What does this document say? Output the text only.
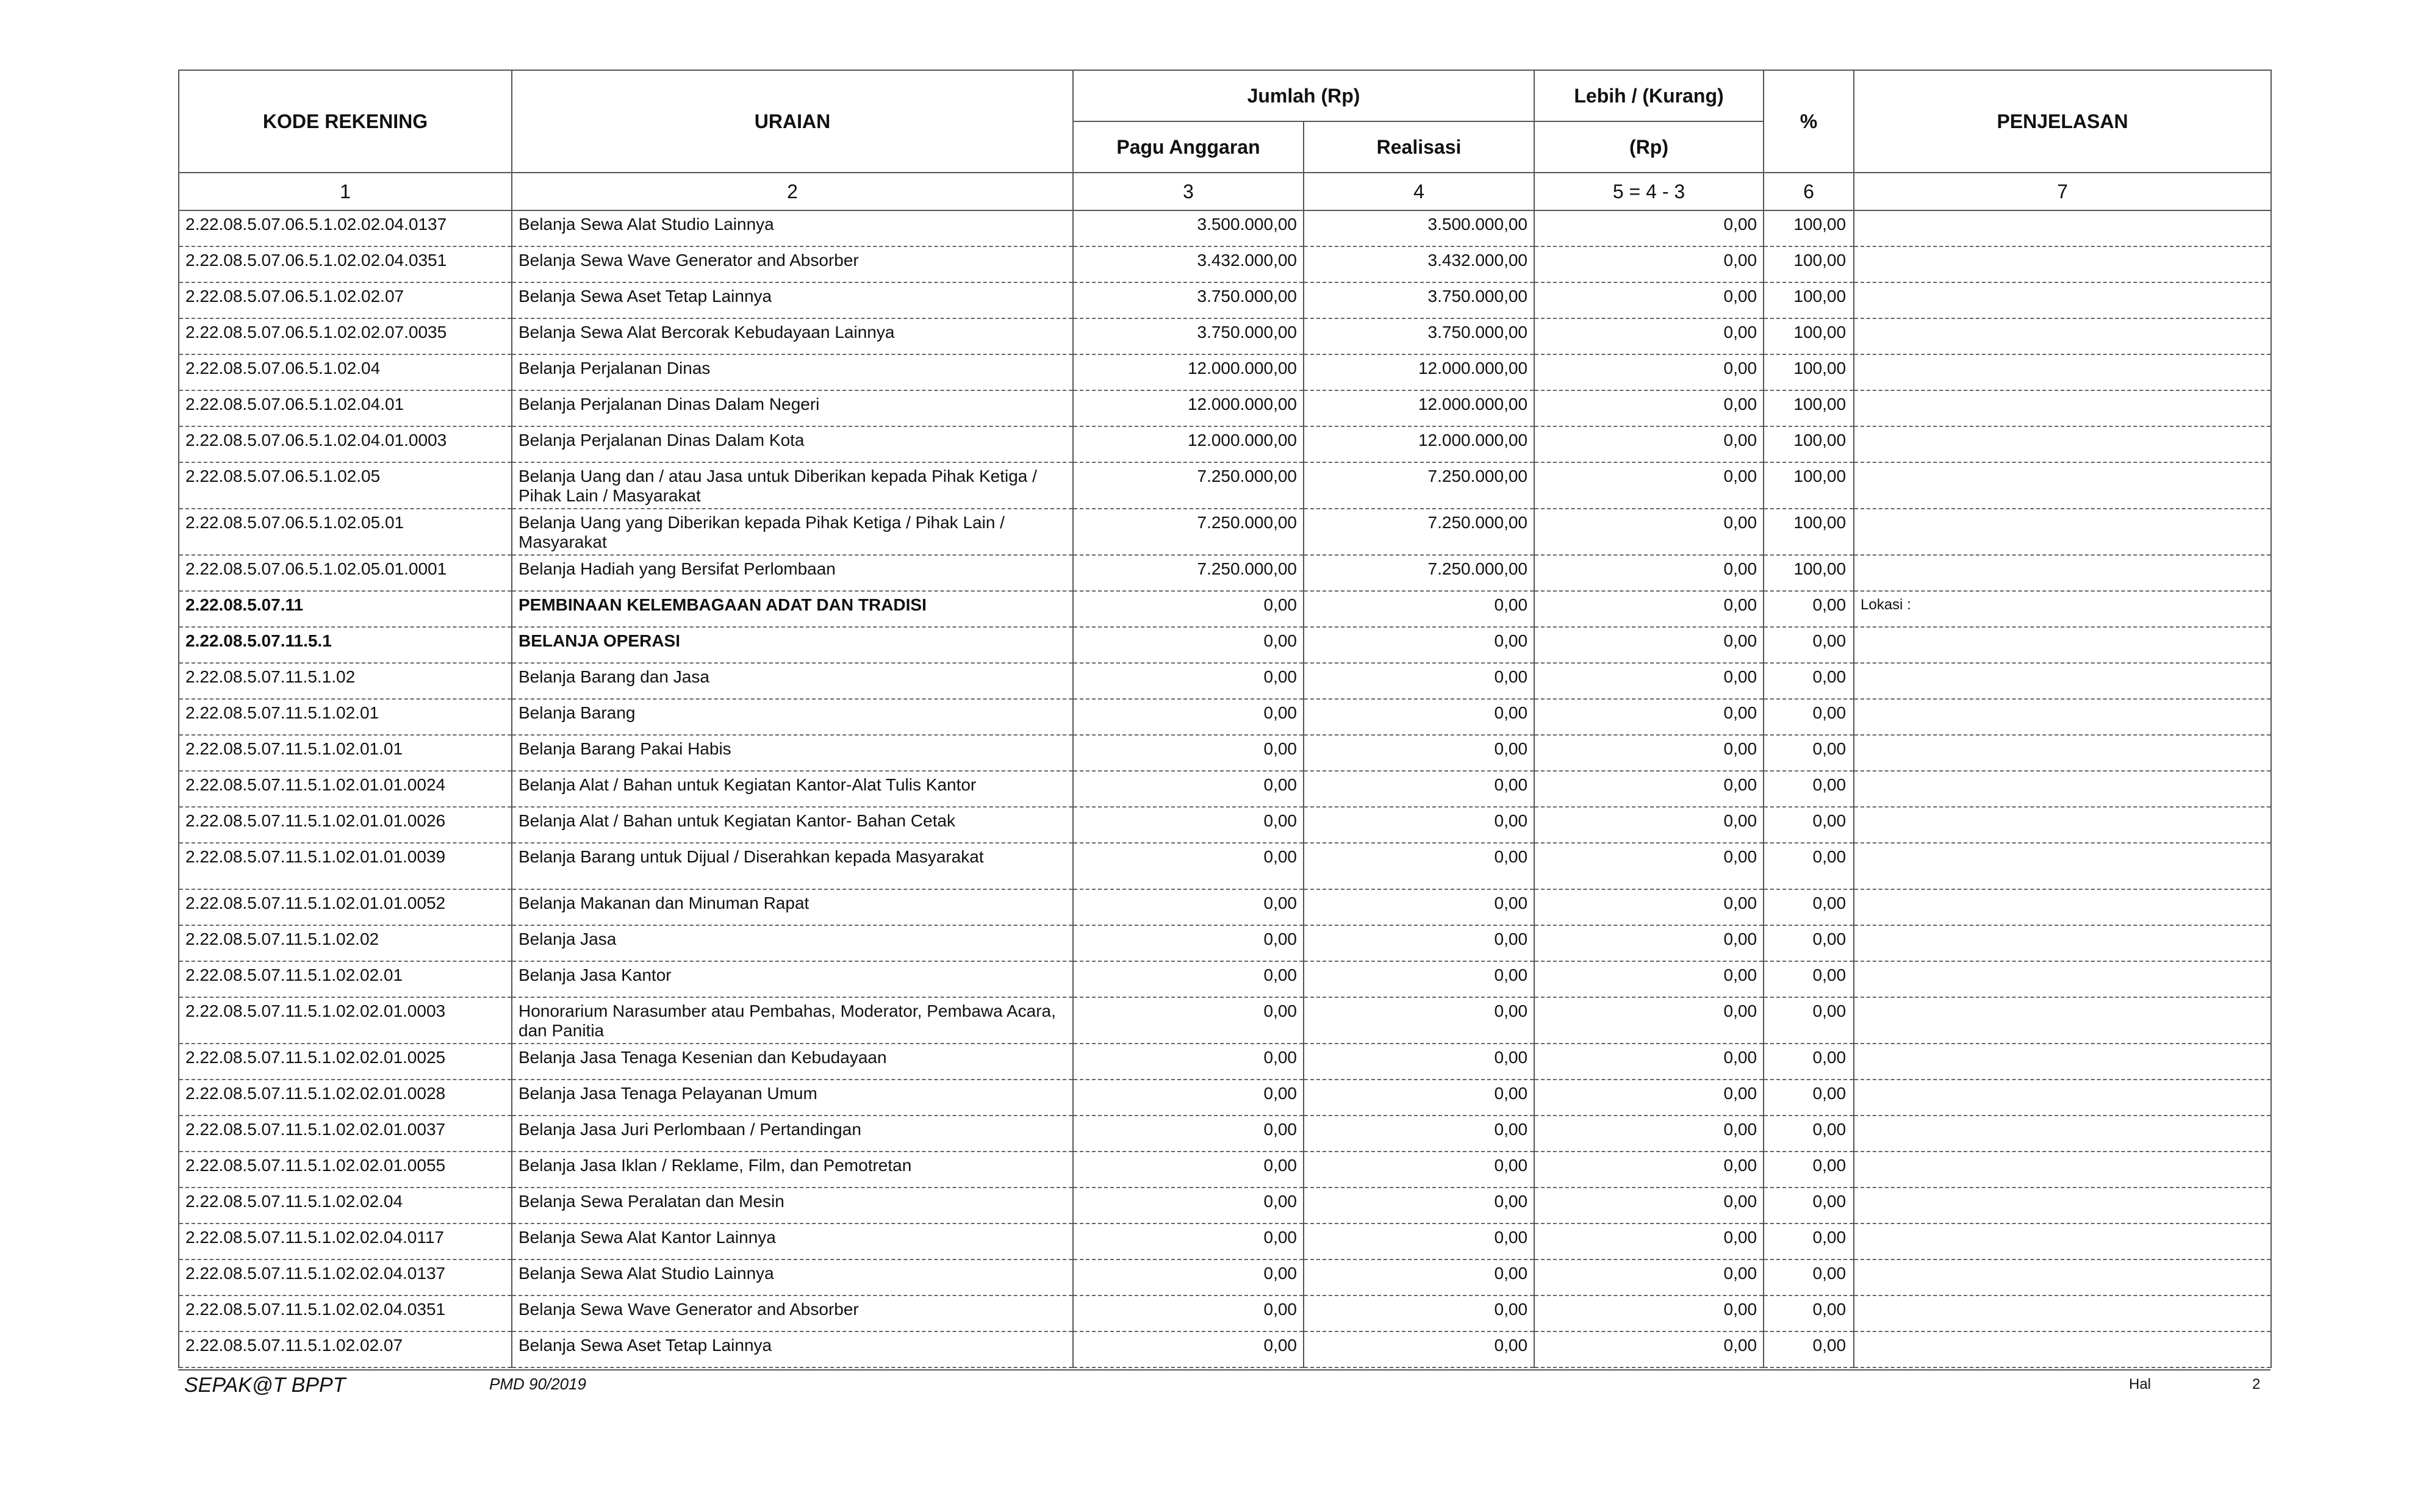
KODE REKENING	URAIAN	Jumlah (Rp)		Lebih / (Kurang)	%	PENJELASAN
		Pagu Anggaran	Realisasi	(Rp)		
1	2	3	4	5 = 4 - 3	6	7
2.22.08.5.07.06.5.1.02.02.04.0137	Belanja Sewa Alat Studio Lainnya	3.500.000,00	3.500.000,00	0,00	100,00	
2.22.08.5.07.06.5.1.02.02.04.0351	Belanja Sewa Wave Generator and Absorber	3.432.000,00	3.432.000,00	0,00	100,00	
2.22.08.5.07.06.5.1.02.02.07	Belanja Sewa Aset Tetap Lainnya	3.750.000,00	3.750.000,00	0,00	100,00	
2.22.08.5.07.06.5.1.02.02.07.0035	Belanja Sewa Alat Bercorak Kebudayaan Lainnya	3.750.000,00	3.750.000,00	0,00	100,00	
2.22.08.5.07.06.5.1.02.04	Belanja Perjalanan Dinas	12.000.000,00	12.000.000,00	0,00	100,00	
2.22.08.5.07.06.5.1.02.04.01	Belanja Perjalanan Dinas Dalam Negeri	12.000.000,00	12.000.000,00	0,00	100,00	
2.22.08.5.07.06.5.1.02.04.01.0003	Belanja Perjalanan Dinas Dalam Kota	12.000.000,00	12.000.000,00	0,00	100,00	
2.22.08.5.07.06.5.1.02.05	Belanja Uang dan / atau Jasa untuk Diberikan kepada Pihak Ketiga / Pihak Lain / Masyarakat	7.250.000,00	7.250.000,00	0,00	100,00	
2.22.08.5.07.06.5.1.02.05.01	Belanja Uang yang Diberikan kepada Pihak Ketiga / Pihak Lain / Masyarakat	7.250.000,00	7.250.000,00	0,00	100,00	
2.22.08.5.07.06.5.1.02.05.01.0001	Belanja Hadiah yang Bersifat Perlombaan	7.250.000,00	7.250.000,00	0,00	100,00	
2.22.08.5.07.11	PEMBINAAN KELEMBAGAAN ADAT DAN TRADISI	0,00	0,00	0,00	0,00	Lokasi :
2.22.08.5.07.11.5.1	BELANJA OPERASI	0,00	0,00	0,00	0,00	
2.22.08.5.07.11.5.1.02	Belanja Barang dan Jasa	0,00	0,00	0,00	0,00	
2.22.08.5.07.11.5.1.02.01	Belanja Barang	0,00	0,00	0,00	0,00	
2.22.08.5.07.11.5.1.02.01.01	Belanja Barang Pakai Habis	0,00	0,00	0,00	0,00	
2.22.08.5.07.11.5.1.02.01.01.0024	Belanja Alat / Bahan untuk Kegiatan Kantor-Alat Tulis Kantor	0,00	0,00	0,00	0,00	
2.22.08.5.07.11.5.1.02.01.01.0026	Belanja Alat / Bahan untuk Kegiatan Kantor- Bahan Cetak	0,00	0,00	0,00	0,00	
2.22.08.5.07.11.5.1.02.01.01.0039	Belanja Barang untuk Dijual / Diserahkan kepada Masyarakat	0,00	0,00	0,00	0,00	
2.22.08.5.07.11.5.1.02.01.01.0052	Belanja Makanan dan Minuman Rapat	0,00	0,00	0,00	0,00	
2.22.08.5.07.11.5.1.02.02	Belanja Jasa	0,00	0,00	0,00	0,00	
2.22.08.5.07.11.5.1.02.02.01	Belanja Jasa Kantor	0,00	0,00	0,00	0,00	
2.22.08.5.07.11.5.1.02.02.01.0003	Honorarium Narasumber atau Pembahas, Moderator, Pembawa Acara, dan Panitia	0,00	0,00	0,00	0,00	
2.22.08.5.07.11.5.1.02.02.01.0025	Belanja Jasa Tenaga Kesenian dan Kebudayaan	0,00	0,00	0,00	0,00	
2.22.08.5.07.11.5.1.02.02.01.0028	Belanja Jasa Tenaga Pelayanan Umum	0,00	0,00	0,00	0,00	
2.22.08.5.07.11.5.1.02.02.01.0037	Belanja Jasa Juri Perlombaan / Pertandingan	0,00	0,00	0,00	0,00	
2.22.08.5.07.11.5.1.02.02.01.0055	Belanja Jasa Iklan / Reklame, Film, dan Pemotretan	0,00	0,00	0,00	0,00	
2.22.08.5.07.11.5.1.02.02.04	Belanja Sewa Peralatan dan Mesin	0,00	0,00	0,00	0,00	
2.22.08.5.07.11.5.1.02.02.04.0117	Belanja Sewa Alat Kantor Lainnya	0,00	0,00	0,00	0,00	
2.22.08.5.07.11.5.1.02.02.04.0137	Belanja Sewa Alat Studio Lainnya	0,00	0,00	0,00	0,00	
2.22.08.5.07.11.5.1.02.02.04.0351	Belanja Sewa Wave Generator and Absorber	0,00	0,00	0,00	0,00	
2.22.08.5.07.11.5.1.02.02.07	Belanja Sewa Aset Tetap Lainnya	0,00	0,00	0,00	0,00	
SEPAK@T BPPT	PMD 90/2019	Hal	2
